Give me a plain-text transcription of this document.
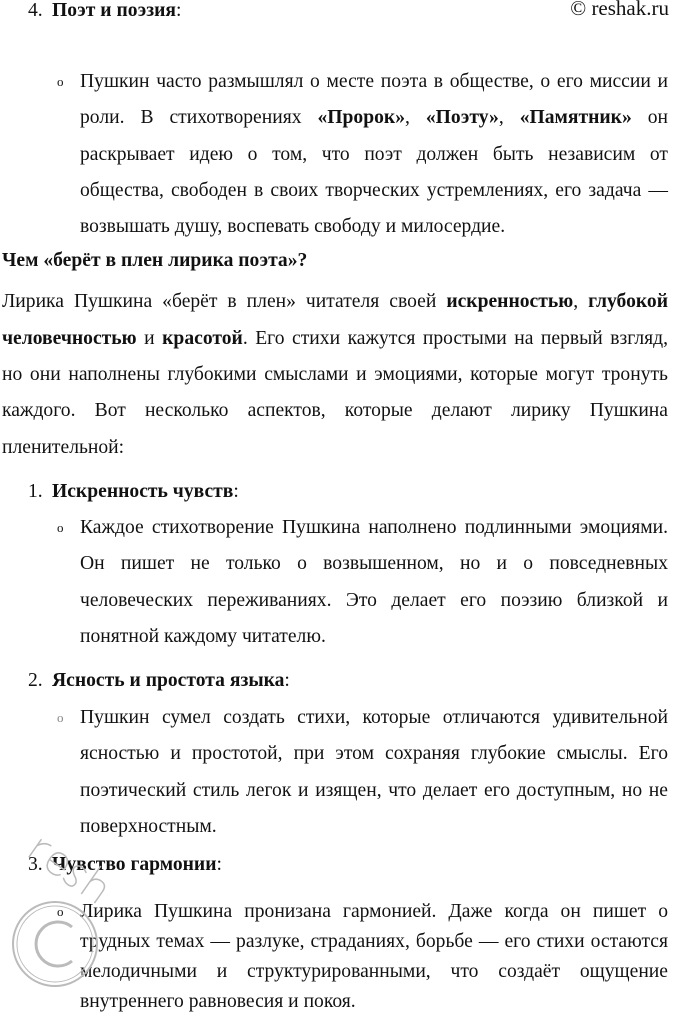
4. Поэт и поэзия:
o Пушкин часто размышлял о месте поэта в обществе, о его миссии и роли. В стихотворениях «Пророк», «Поэту», «Памятник» он раскрывает идею о том, что поэт должен быть независим от общества, свободен в своих творческих устремлениях, его задача — возвышать душу, воспевать свободу и милосердие.
Чем «берёт в плен лирика поэта»?
Лирика Пушкина «берёт в плен» читателя своей искренностью, глубокой человечностью и красотой. Его стихи кажутся простыми на первый взгляд, но они наполнены глубокими смыслами и эмоциями, которые могут тронуть каждого. Вот несколько аспектов, которые делают лирику Пушкина пленительной:
1. Искренность чувств:
o Каждое стихотворение Пушкина наполнено подлинными эмоциями. Он пишет не только о возвышенном, но и о повседневных человеческих переживаниях. Это делает его поэзию близкой и понятной каждому читателю.
2. Ясность и простота языка:
o Пушкин сумел создать стихи, которые отличаются удивительной ясностью и простотой, при этом сохраняя глубокие смыслы. Его поэтический стиль легок и изящен, что делает его доступным, но не поверхностным.
3. Чувство гармонии:
o Лирика Пушкина пронизана гармонией. Даже когда он пишет о трудных темах — разлуке, страданиях, борьбе — его стихи остаются мелодичными и структурированными, что создаёт ощущение внутреннего равновесия и покоя.
© reshak.ru
